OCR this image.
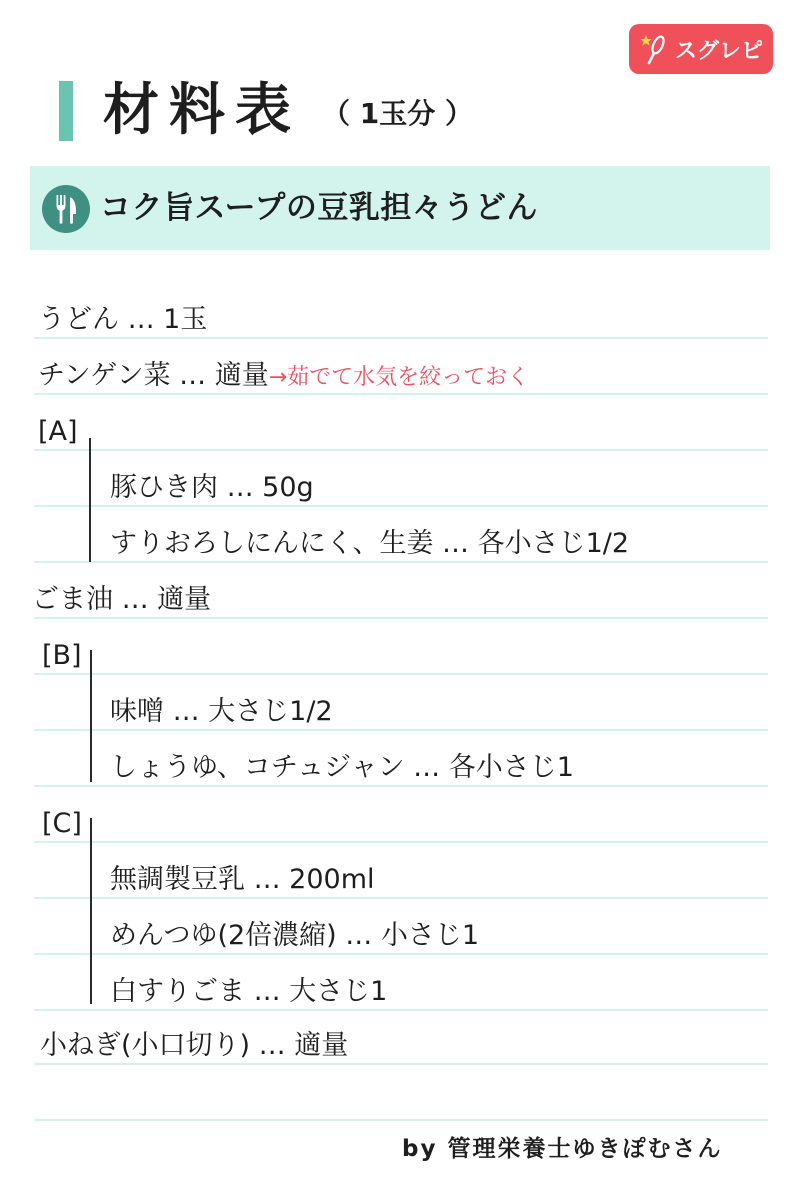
スグレピ
材料表 （ 1玉分 ）
コク旨スープの豆乳担々うどん
うどん … 1玉
チンゲン菜 … 適量→茹でて水気を絞っておく
[A]
豚ひき肉 … 50g
すりおろしにんにく、生姜 … 各小さじ1/2
ごま油 … 適量
[B]
味噌 … 大さじ1/2
しょうゆ、コチュジャン … 各小さじ1
[C]
無調製豆乳 … 200ml
めんつゆ(2倍濃縮) … 小さじ1
白すりごま … 大さじ1
小ねぎ(小口切り) … 適量
by 管理栄養士ゆきぽむさん
